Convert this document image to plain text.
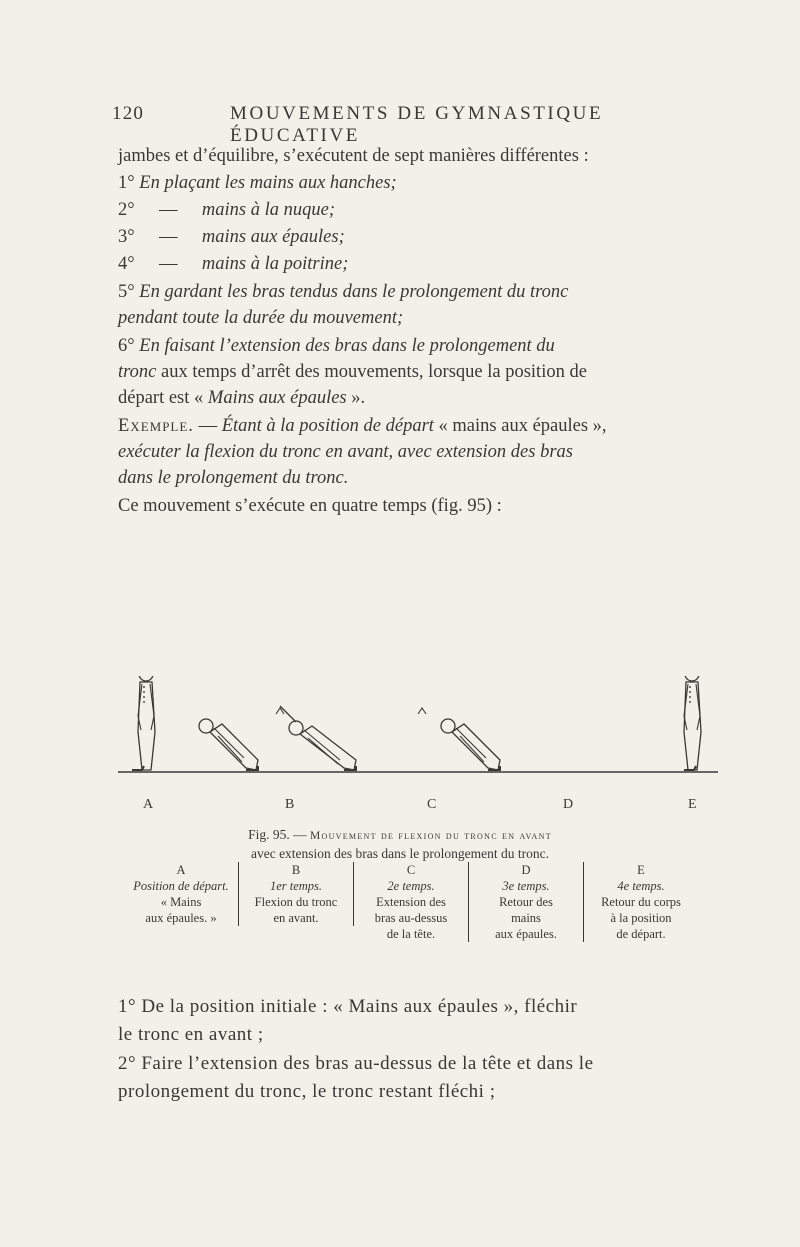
120	MOUVEMENTS DE GYMNASTIQUE ÉDUCATIVE
jambes et d’équilibre, s’exécutent de sept manières différentes :
1° En plaçant les mains aux hanches;
2° — mains à la nuque;
3° — mains aux épaules;
4° — mains à la poitrine;
5° En gardant les bras tendus dans le prolongement du tronc
pendant toute la durée du mouvement;
6° En faisant l’extension des bras dans le prolongement du
tronc aux temps d’arrêt des mouvements, lorsque la position de
départ est « Mains aux épaules ».
Exemple. — Étant à la position de départ « mains aux épaules »,
exécuter la flexion du tronc en avant, avec extension des bras
dans le prolongement du tronc.
Ce mouvement s’exécute en quatre temps (fig. 95) :
A	B	C	D	E
Fig. 95. — Mouvement de flexion du tronc en avant
avec extension des bras dans le prolongement du tronc.
A
Position de départ.
« Mains
aux épaules. »
B
1er temps.
Flexion du tronc
en avant.
C
2e temps.
Extension des
bras au-dessus
de la tête.
D
3e temps.
Retour des
mains
aux épaules.
E
4e temps.
Retour du corps
à la position
de départ.
1° De la position initiale : « Mains aux épaules », fléchir
le tronc en avant ;
2° Faire l’extension des bras au-dessus de la tête et dans le
prolongement du tronc, le tronc restant fléchi ;
